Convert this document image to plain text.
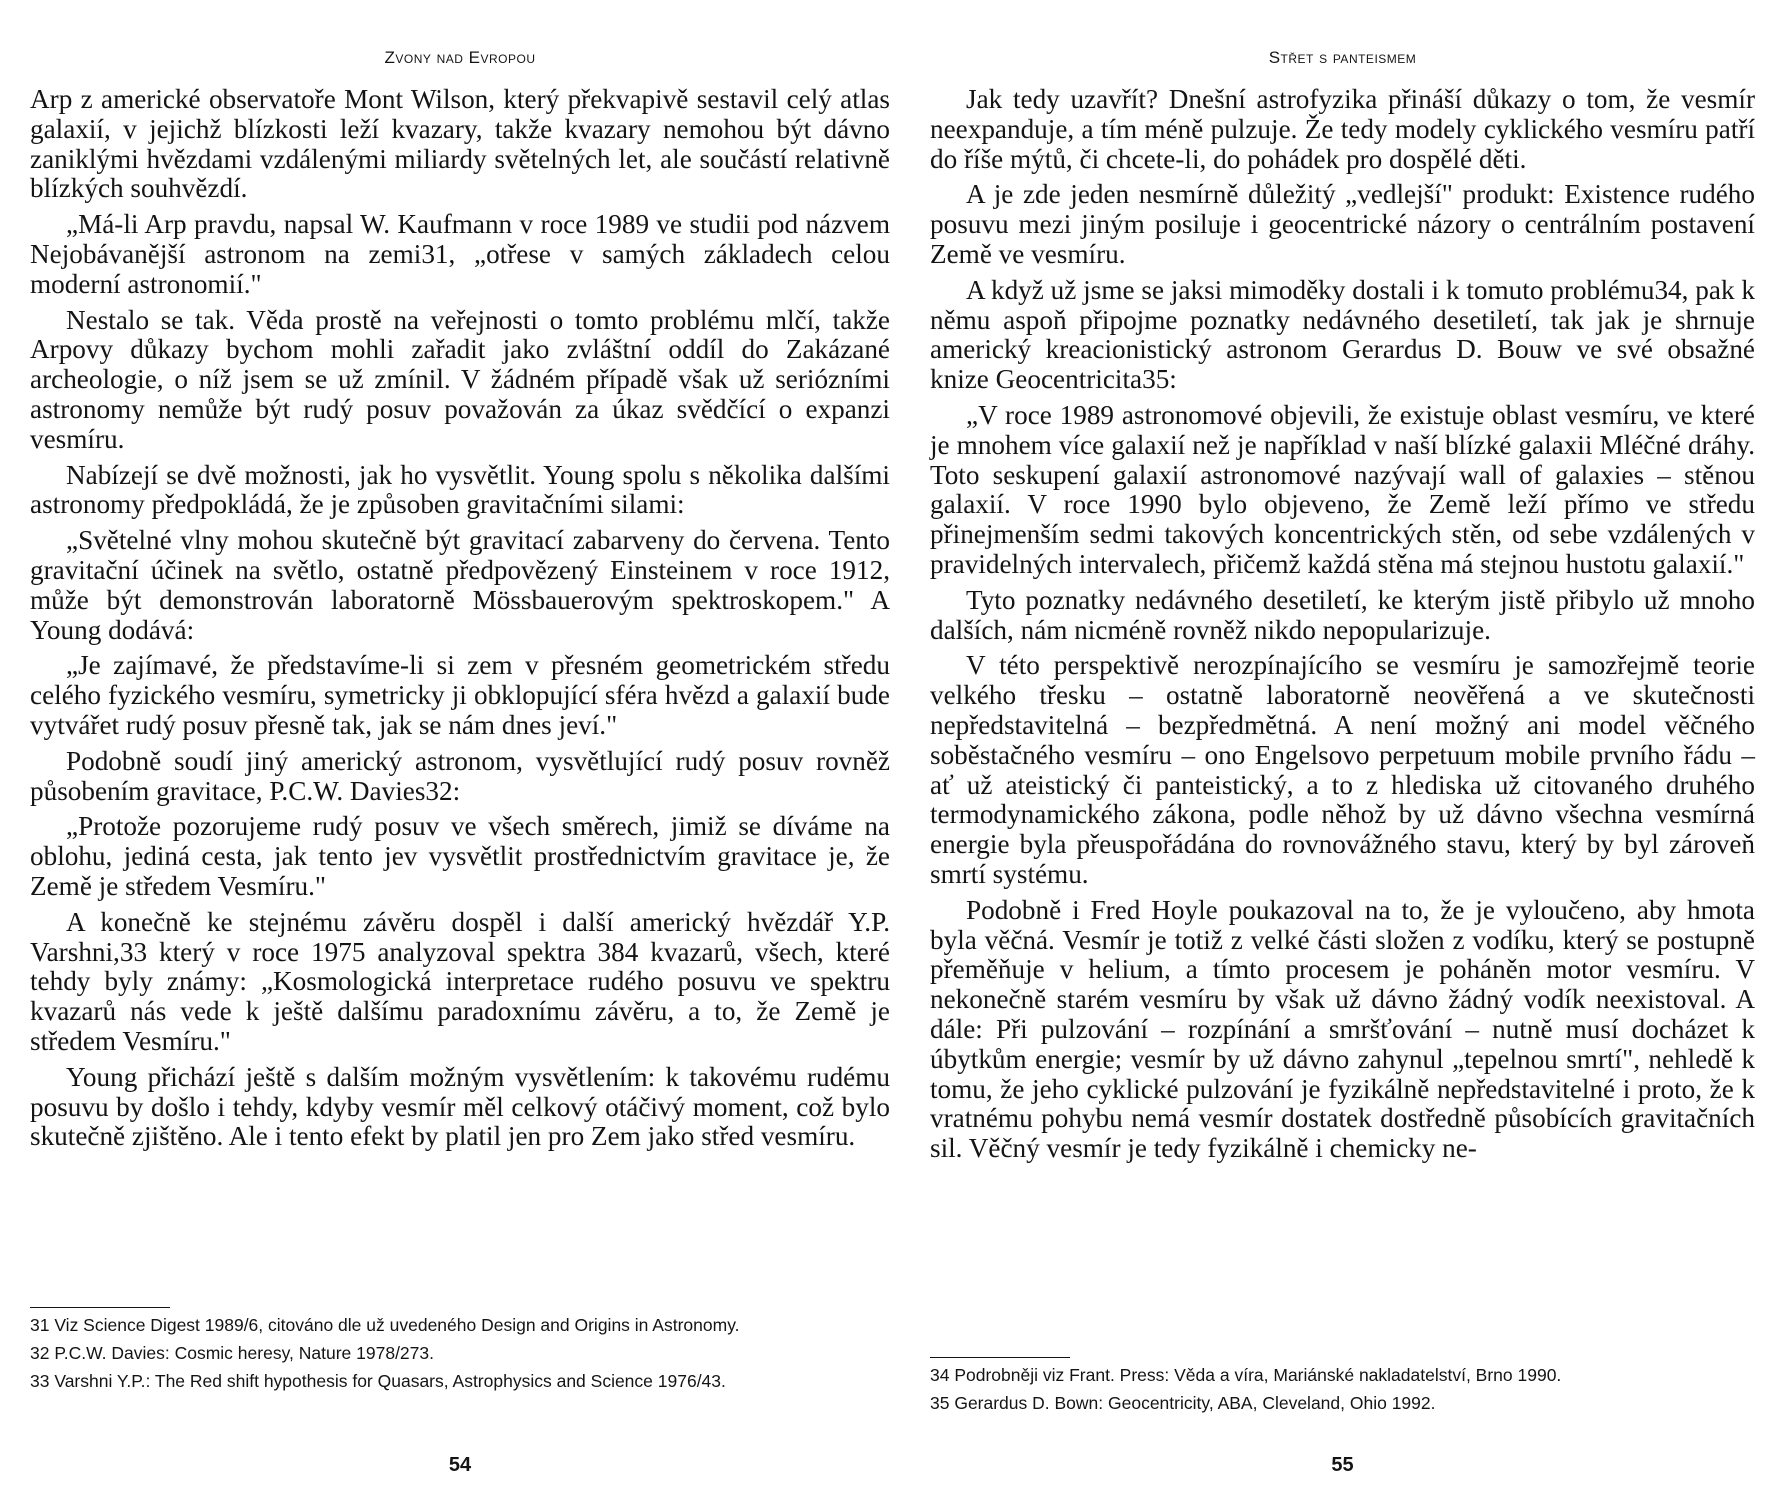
Zvony nad Evropou

Arp z americké observatoře Mont Wilson, který překvapivě sestavil celý atlas galaxií, v jejichž blízkosti leží kvazary, takže kvazary nemohou být dávno zaniklými hvězdami vzdálenými miliardy světelných let, ale součástí relativně blízkých souhvězdí.

„Má-li Arp pravdu, napsal W. Kaufmann v roce 1989 ve studii pod názvem Nejobávanější astronom na zemi31, „otřese v samých základech celou moderní astronomií."

Nestalo se tak. Věda prostě na veřejnosti o tomto problému mlčí, takže Arpovy důkazy bychom mohli zařadit jako zvláštní oddíl do Zakázané archeologie, o níž jsem se už zmínil. V žádném případě však už seriózními astronomy nemůže být rudý posuv považován za úkaz svědčící o expanzi vesmíru.

Nabízejí se dvě možnosti, jak ho vysvětlit. Young spolu s několika dalšími astronomy předpokládá, že je způsoben gravitačními silami:

„Světelné vlny mohou skutečně být gravitací zabarveny do červena. Tento gravitační účinek na světlo, ostatně předpovězený Einsteinem v roce 1912, může být demonstrován laboratorně Mössbauerovým spektroskopem." A Young dodává:

„Je zajímavé, že představíme-li si zem v přesném geometrickém středu celého fyzického vesmíru, symetricky ji obklopující sféra hvězd a galaxií bude vytvářet rudý posuv přesně tak, jak se nám dnes jeví."

Podobně soudí jiný americký astronom, vysvětlující rudý posuv rovněž působením gravitace, P.C.W. Davies32:

„Protože pozorujeme rudý posuv ve všech směrech, jimiž se díváme na oblohu, jediná cesta, jak tento jev vysvětlit prostřednictvím gravitace je, že Země je středem Vesmíru."

A konečně ke stejnému závěru dospěl i další americký hvězdář Y.P. Varshni,33 který v roce 1975 analyzoval spektra 384 kvazarů, všech, které tehdy byly známy: „Kosmologická interpretace rudého posuvu ve spektru kvazarů nás vede k ještě dalšímu paradoxnímu závěru, a to, že Země je středem Vesmíru."

Young přichází ještě s dalším možným vysvětlením: k takovému rudému posuvu by došlo i tehdy, kdyby vesmír měl celkový otáčivý moment, což bylo skutečně zjištěno. Ale i tento efekt by platil jen pro Zem jako střed vesmíru.

31 Viz Science Digest 1989/6, citováno dle už uvedeného Design and Origins in Astronomy.

32 P.C.W. Davies: Cosmic heresy, Nature 1978/273.

33 Varshni Y.P.: The Red shift hypothesis for Quasars, Astrophysics and Science 1976/43.

54
Střet s panteismem

Jak tedy uzavřít? Dnešní astrofyzika přináší důkazy o tom, že vesmír neexpanduje, a tím méně pulzuje. Že tedy modely cyklického vesmíru patří do říše mýtů, či chcete-li, do pohádek pro dospělé děti.

A je zde jeden nesmírně důležitý „vedlejší" produkt: Existence rudého posuvu mezi jiným posiluje i geocentrické názory o centrálním postavení Země ve vesmíru.

A když už jsme se jaksi mimoděky dostali i k tomuto problému34, pak k němu aspoň připojme poznatky nedávného desetiletí, tak jak je shrnuje americký kreacionistický astronom Gerardus D. Bouw ve své obsažné knize Geocentricita35:

„V roce 1989 astronomové objevili, že existuje oblast vesmíru, ve které je mnohem více galaxií než je například v naší blízké galaxii Mléčné dráhy. Toto seskupení galaxií astronomové nazývají wall of galaxies – stěnou galaxií. V roce 1990 bylo objeveno, že Země leží přímo ve středu přinejmenším sedmi takových koncentrických stěn, od sebe vzdálených v pravidelných intervalech, přičemž každá stěna má stejnou hustotu galaxií."

Tyto poznatky nedávného desetiletí, ke kterým jistě přibylo už mnoho dalších, nám nicméně rovněž nikdo nepopularizuje.

V této perspektivě nerozpínajícího se vesmíru je samozřejmě teorie velkého třesku – ostatně laboratorně neověřená a ve skutečnosti nepředstavitelná – bezpředmětná. A není možný ani model věčného soběstačného vesmíru – ono Engelsovo perpetuum mobile prvního řádu – ať už ateistický či panteistický, a to z hlediska už citovaného druhého termodynamického zákona, podle něhož by už dávno všechna vesmírná energie byla přeuspořádána do rovnovážného stavu, který by byl zároveň smrtí systému.

Podobně i Fred Hoyle poukazoval na to, že je vyloučeno, aby hmota byla věčná. Vesmír je totiž z velké části složen z vodíku, který se postupně přeměňuje v helium, a tímto procesem je poháněn motor vesmíru. V nekonečně starém vesmíru by však už dávno žádný vodík neexistoval. A dále: Při pulzování – rozpínání a smršťování – nutně musí docházet k úbytkům energie; vesmír by už dávno zahynul „tepelnou smrtí", nehledě k tomu, že jeho cyklické pulzování je fyzikálně nepředstavitelné i proto, že k vratnému pohybu nemá vesmír dostatek dostředně působících gravitačních sil. Věčný vesmír je tedy fyzikálně i chemicky ne-

34 Podrobněji viz Frant. Press: Věda a víra, Mariánské nakladatelství, Brno 1990.

35 Gerardus D. Bown: Geocentricity, ABA, Cleveland, Ohio 1992.

55
